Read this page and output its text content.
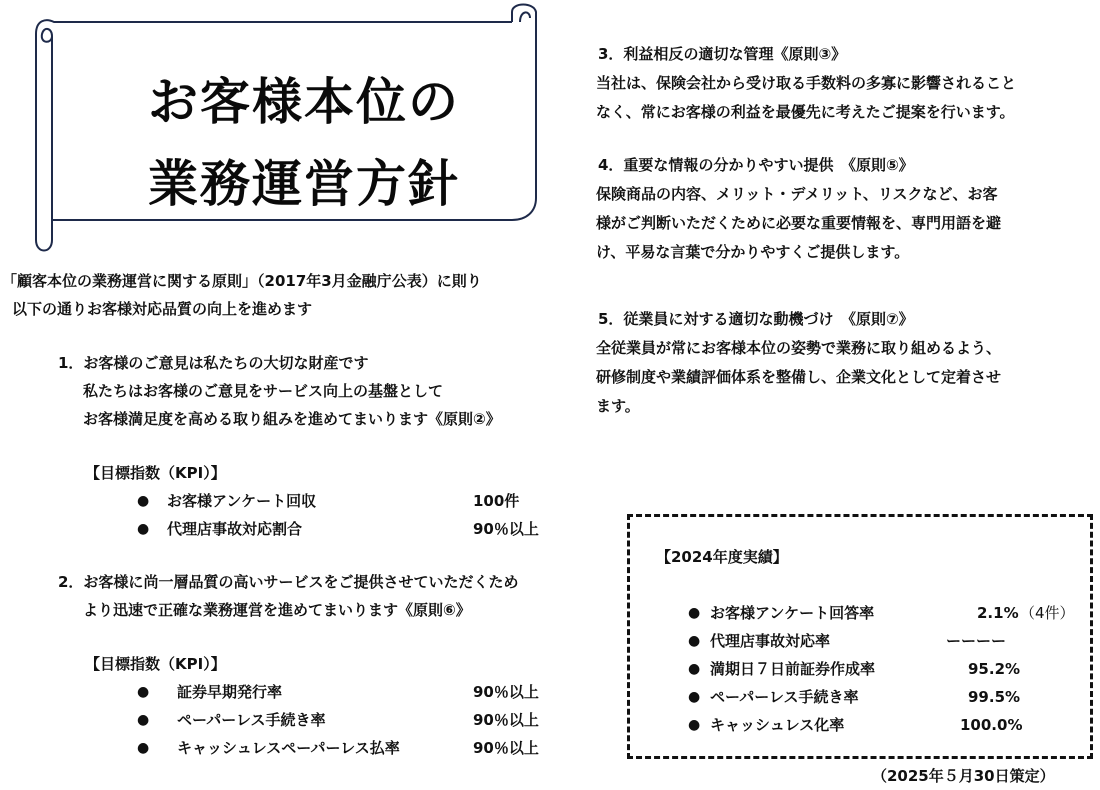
お客様本位の
業務運営方針
「顧客本位の業務運営に関する原則」（2017年3月金融庁公表）に則り
以下の通りお客様対応品質の向上を進めます
1．お客様のご意見は私たちの大切な財産です
私たちはお客様のご意見をサービス向上の基盤として
お客様満足度を高める取り組みを進めてまいります《原則②》
【目標指数（KPI）】
● お客様アンケート回収	100件
● 代理店事故対応割合	90％以上
2．お客様に尚一層品質の高いサービスをご提供させていただくため
より迅速で正確な業務運営を進めてまいります《原則⑥》
【目標指数（KPI）】
● 証券早期発行率	90％以上
● ペーパーレス手続き率	90％以上
● キャッシュレスペーパーレス払率	90％以上
3．利益相反の適切な管理《原則③》
当社は、保険会社から受け取る手数料の多寡に影響されること
なく、常にお客様の利益を最優先に考えたご提案を行います。
4．重要な情報の分かりやすい提供　《原則⑤》
保険商品の内容、メリット・デメリット、リスクなど、お客
様がご判断いただくために必要な重要情報を、専門用語を避
け、平易な言葉で分かりやすくご提供します。
5．従業員に対する適切な動機づけ　《原則⑦》
全従業員が常にお客様本位の姿勢で業務に取り組めるよう、
研修制度や業績評価体系を整備し、企業文化として定着させ
ます。
【2024年度実績】
● お客様アンケート回答率	2.1% （4件）
● 代理店事故対応率	ーーーー
● 満期日７日前証券作成率	95.2%
● ペーパーレス手続き率	99.5%
● キャッシュレス化率	100.0%
（2025年５月30日策定）
